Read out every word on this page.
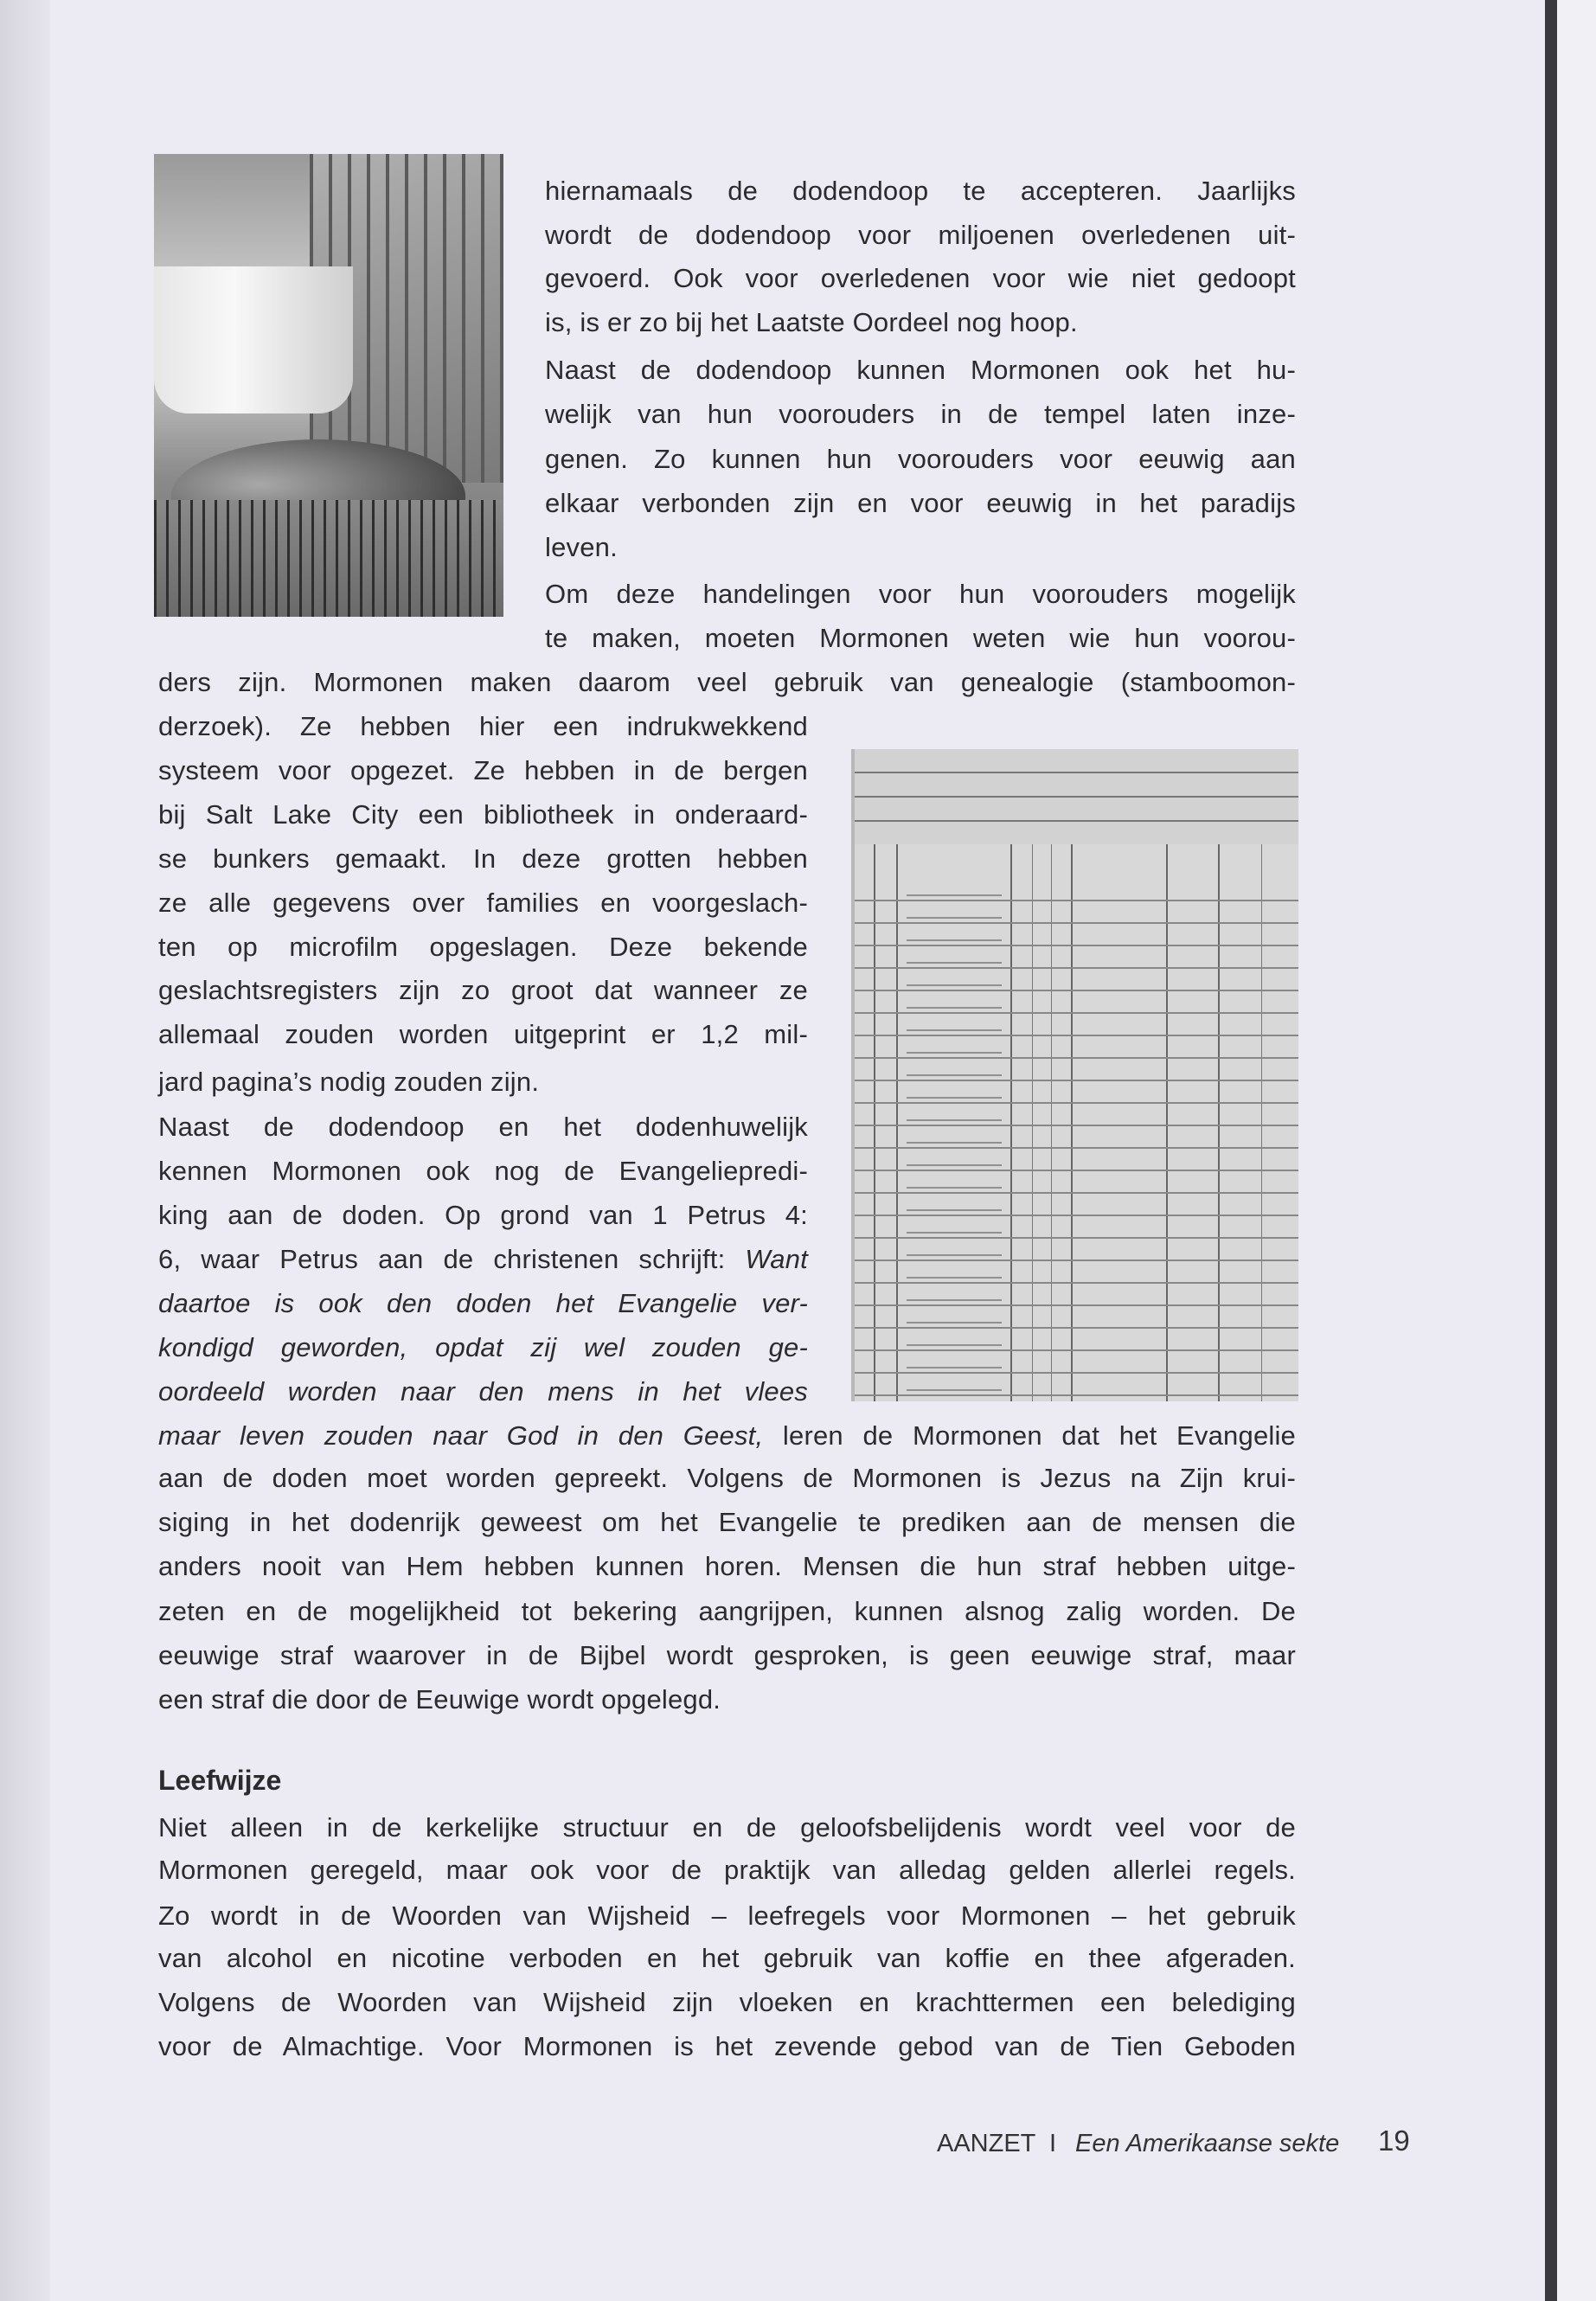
hiernamaals de dodendoop te accepteren. Jaarlijks
wordt de dodendoop voor miljoenen overledenen uit-
gevoerd. Ook voor overledenen voor wie niet gedoopt
is, is er zo bij het Laatste Oordeel nog hoop.
Naast de dodendoop kunnen Mormonen ook het hu-
welijk van hun voorouders in de tempel laten inze-
genen. Zo kunnen hun voorouders voor eeuwig aan
elkaar verbonden zijn en voor eeuwig in het paradijs
leven.
Om deze handelingen voor hun voorouders mogelijk
te maken, moeten Mormonen weten wie hun voorou-
ders zijn. Mormonen maken daarom veel gebruik van genealogie (stamboomon-
derzoek). Ze hebben hier een indrukwekkend
systeem voor opgezet. Ze hebben in de bergen
bij Salt Lake City een bibliotheek in onderaard-
se bunkers gemaakt. In deze grotten hebben
ze alle gegevens over families en voorgeslach-
ten op microfilm opgeslagen. Deze bekende
geslachtsregisters zijn zo groot dat wanneer ze
allemaal zouden worden uitgeprint er 1,2 mil-
jard pagina’s nodig zouden zijn.
Naast de dodendoop en het dodenhuwelijk
kennen Mormonen ook nog de Evangeliepredi-
king aan de doden. Op grond van 1 Petrus 4:
6, waar Petrus aan de christenen schrijft: Want
daartoe is ook den doden het Evangelie ver-
kondigd geworden, opdat zij wel zouden ge-
oordeeld worden naar den mens in het vlees
maar leven zouden naar God in den Geest, leren de Mormonen dat het Evangelie
aan de doden moet worden gepreekt. Volgens de Mormonen is Jezus na Zijn krui-
siging in het dodenrijk geweest om het Evangelie te prediken aan de mensen die
anders nooit van Hem hebben kunnen horen. Mensen die hun straf hebben uitge-
zeten en de mogelijkheid tot bekering aangrijpen, kunnen alsnog zalig worden. De
eeuwige straf waarover in de Bijbel wordt gesproken, is geen eeuwige straf, maar
een straf die door de Eeuwige wordt opgelegd.
Leefwijze
Niet alleen in de kerkelijke structuur en de geloofsbelijdenis wordt veel voor de
Mormonen geregeld, maar ook voor de praktijk van alledag gelden allerlei regels.
Zo wordt in de Woorden van Wijsheid – leefregels voor Mormonen – het gebruik
van alcohol en nicotine verboden en het gebruik van koffie en thee afgeraden.
Volgens de Woorden van Wijsheid zijn vloeken en krachttermen een belediging
voor de Almachtige. Voor Mormonen is het zevende gebod van de Tien Geboden
AANZET I Een Amerikaanse sekte 19
